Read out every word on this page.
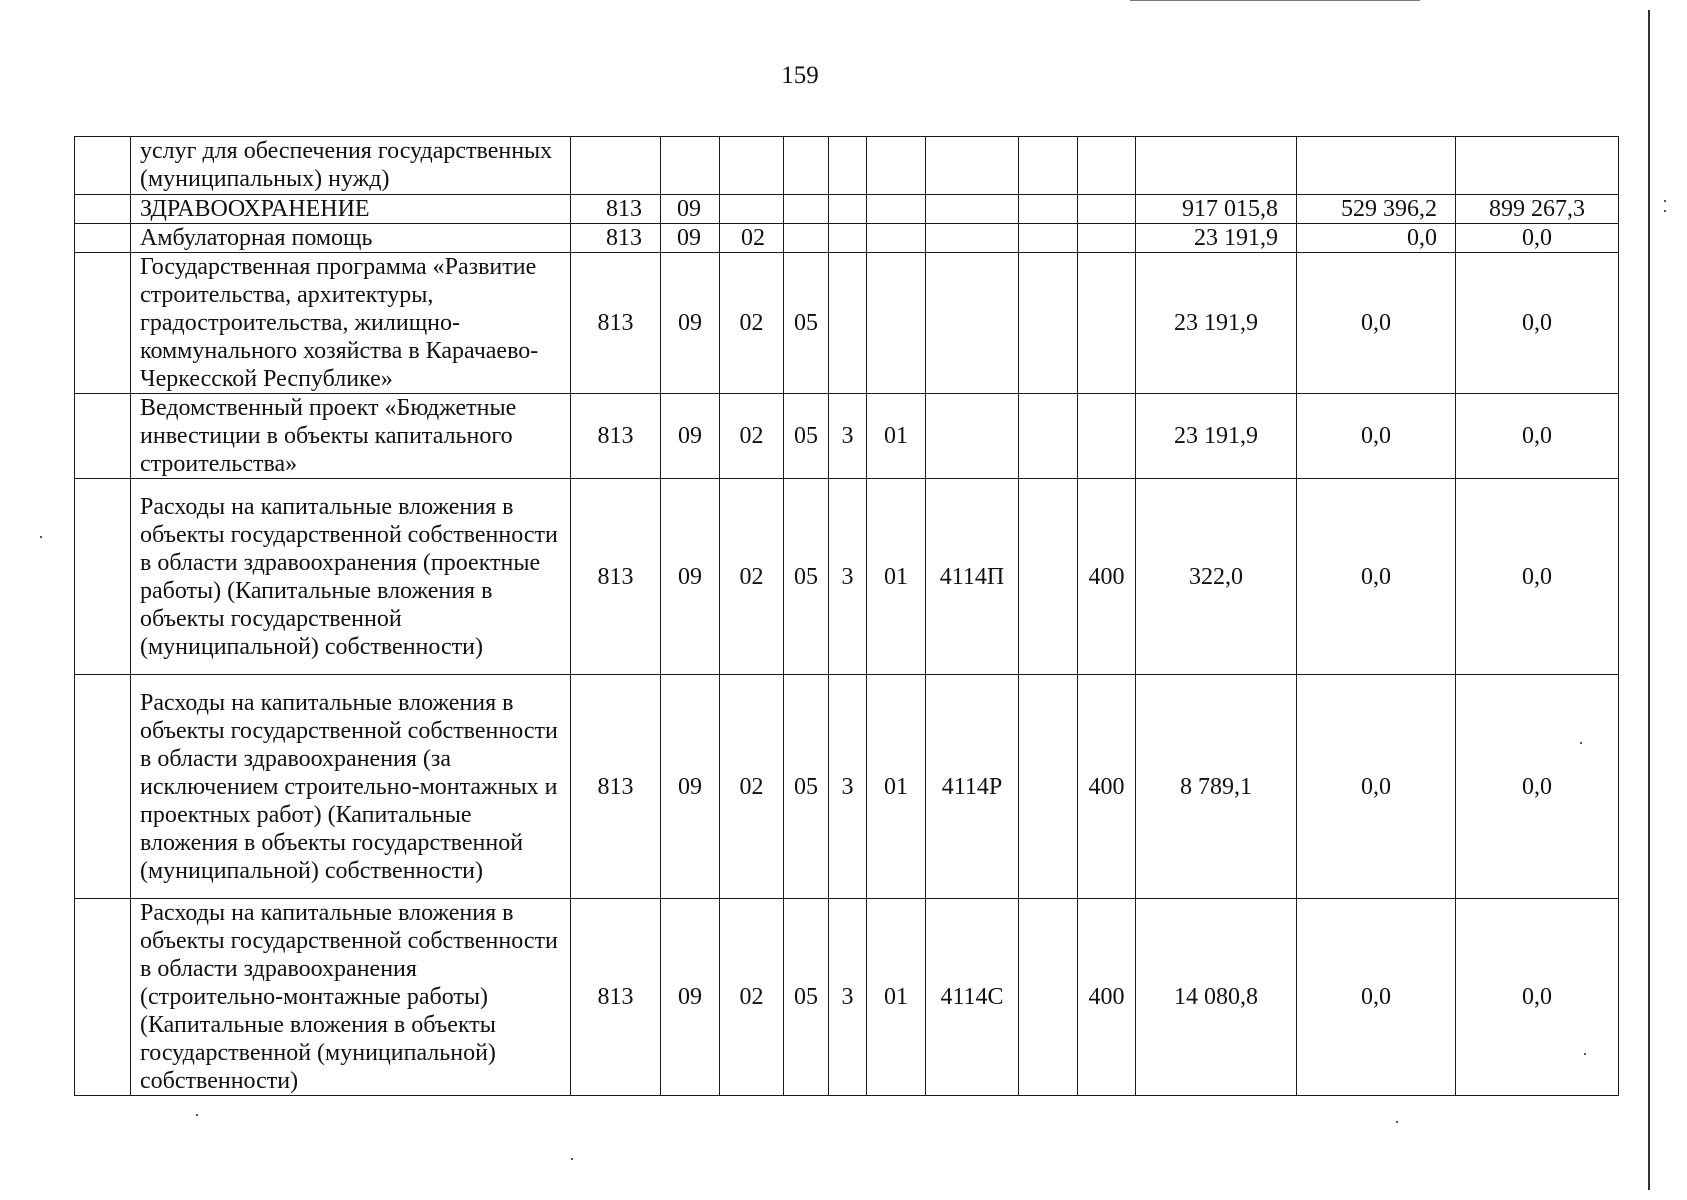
159
	услуг для обеспечения государственных (муниципальных) нужд)												
	ЗДРАВООХРАНЕНИЕ	813	09								917 015,8	529 396,2	899 267,3
	Амбулаторная помощь	813	09	02							23 191,9	0,0	0,0
	Государственная программа «Развитие строительства, архитектуры, градостроительства, жилищно-коммунального хозяйства в Карачаево-Черкесской Республике»	813	09	02	05						23 191,9	0,0	0,0
	Ведомственный проект «Бюджетные инвестиции в объекты капитального строительства»	813	09	02	05	3	01				23 191,9	0,0	0,0
	Расходы на капитальные вложения в объекты государственной собственности в области здравоохранения (проектные работы) (Капитальные вложения в объекты государственной (муниципальной) собственности)	813	09	02	05	3	01	4114П		400	322,0	0,0	0,0
	Расходы на капитальные вложения в объекты государственной собственности в области здравоохранения (за исключением строительно-монтажных и проектных работ) (Капитальные вложения в объекты государственной (муниципальной) собственности)	813	09	02	05	3	01	4114Р		400	8 789,1	0,0	0,0
	Расходы на капитальные вложения в объекты государственной собственности в области здравоохранения (строительно-монтажные работы) (Капитальные вложения в объекты государственной (муниципальной) собственности)	813	09	02	05	3	01	4114С		400	14 080,8	0,0	0,0
